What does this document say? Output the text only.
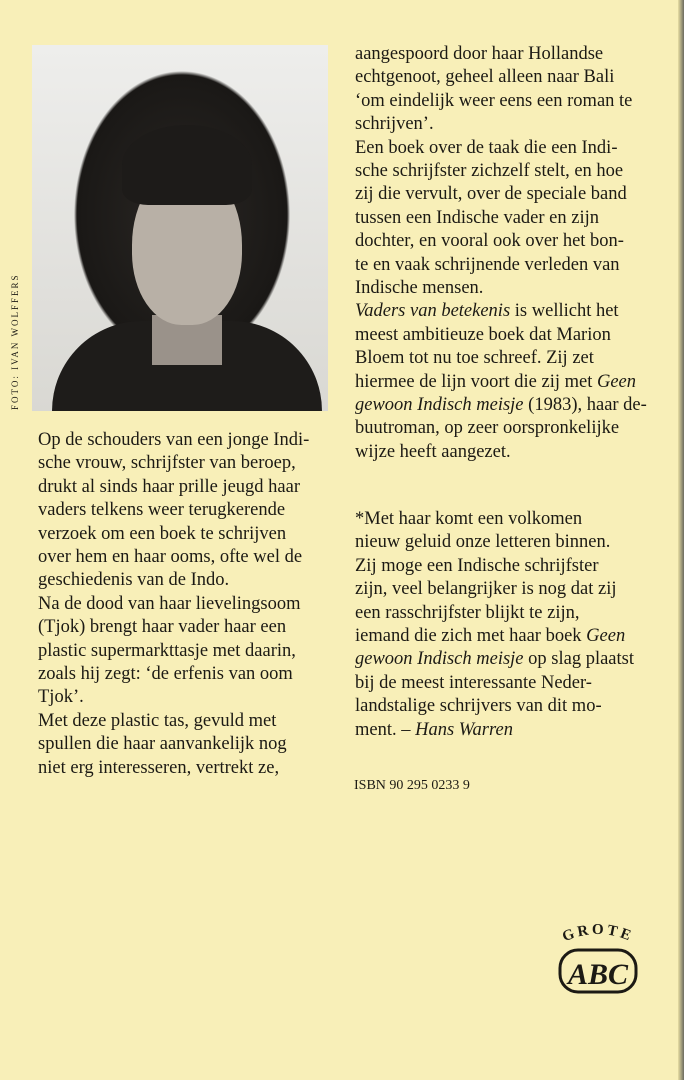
FOTO: IVAN WOLFFERS
Op de schouders van een jonge Indi-
sche vrouw, schrijfster van beroep,
drukt al sinds haar prille jeugd haar
vaders telkens weer terugkerende
verzoek om een boek te schrijven
over hem en haar ooms, ofte wel de
geschiedenis van de Indo.
Na de dood van haar lievelingsoom
(Tjok) brengt haar vader haar een
plastic supermarkttasje met daarin,
zoals hij zegt: ‘de erfenis van oom
Tjok’.
Met deze plastic tas, gevuld met
spullen die haar aanvankelijk nog
niet erg interesseren, vertrekt ze,
aangespoord door haar Hollandse
echtgenoot, geheel alleen naar Bali
‘om eindelijk weer eens een roman te
schrijven’.
Een boek over de taak die een Indi-
sche schrijfster zichzelf stelt, en hoe
zij die vervult, over de speciale band
tussen een Indische vader en zijn
dochter, en vooral ook over het bon-
te en vaak schrijnende verleden van
Indische mensen.
Vaders van betekenis is wellicht het
meest ambitieuze boek dat Marion
Bloem tot nu toe schreef. Zij zet
hiermee de lijn voort die zij met Geen
gewoon Indisch meisje (1983), haar de-
buutroman, op zeer oorspronkelijke
wijze heeft aangezet.
*Met haar komt een volkomen
nieuw geluid onze letteren binnen.
Zij moge een Indische schrijfster
zijn, veel belangrijker is nog dat zij
een rasschrijfster blijkt te zijn,
iemand die zich met haar boek Geen
gewoon Indisch meisje op slag plaatst
bij de meest interessante Neder-
landstalige schrijvers van dit mo-
ment. – Hans Warren
ISBN 90 295 0233 9
GROTE
ABC
